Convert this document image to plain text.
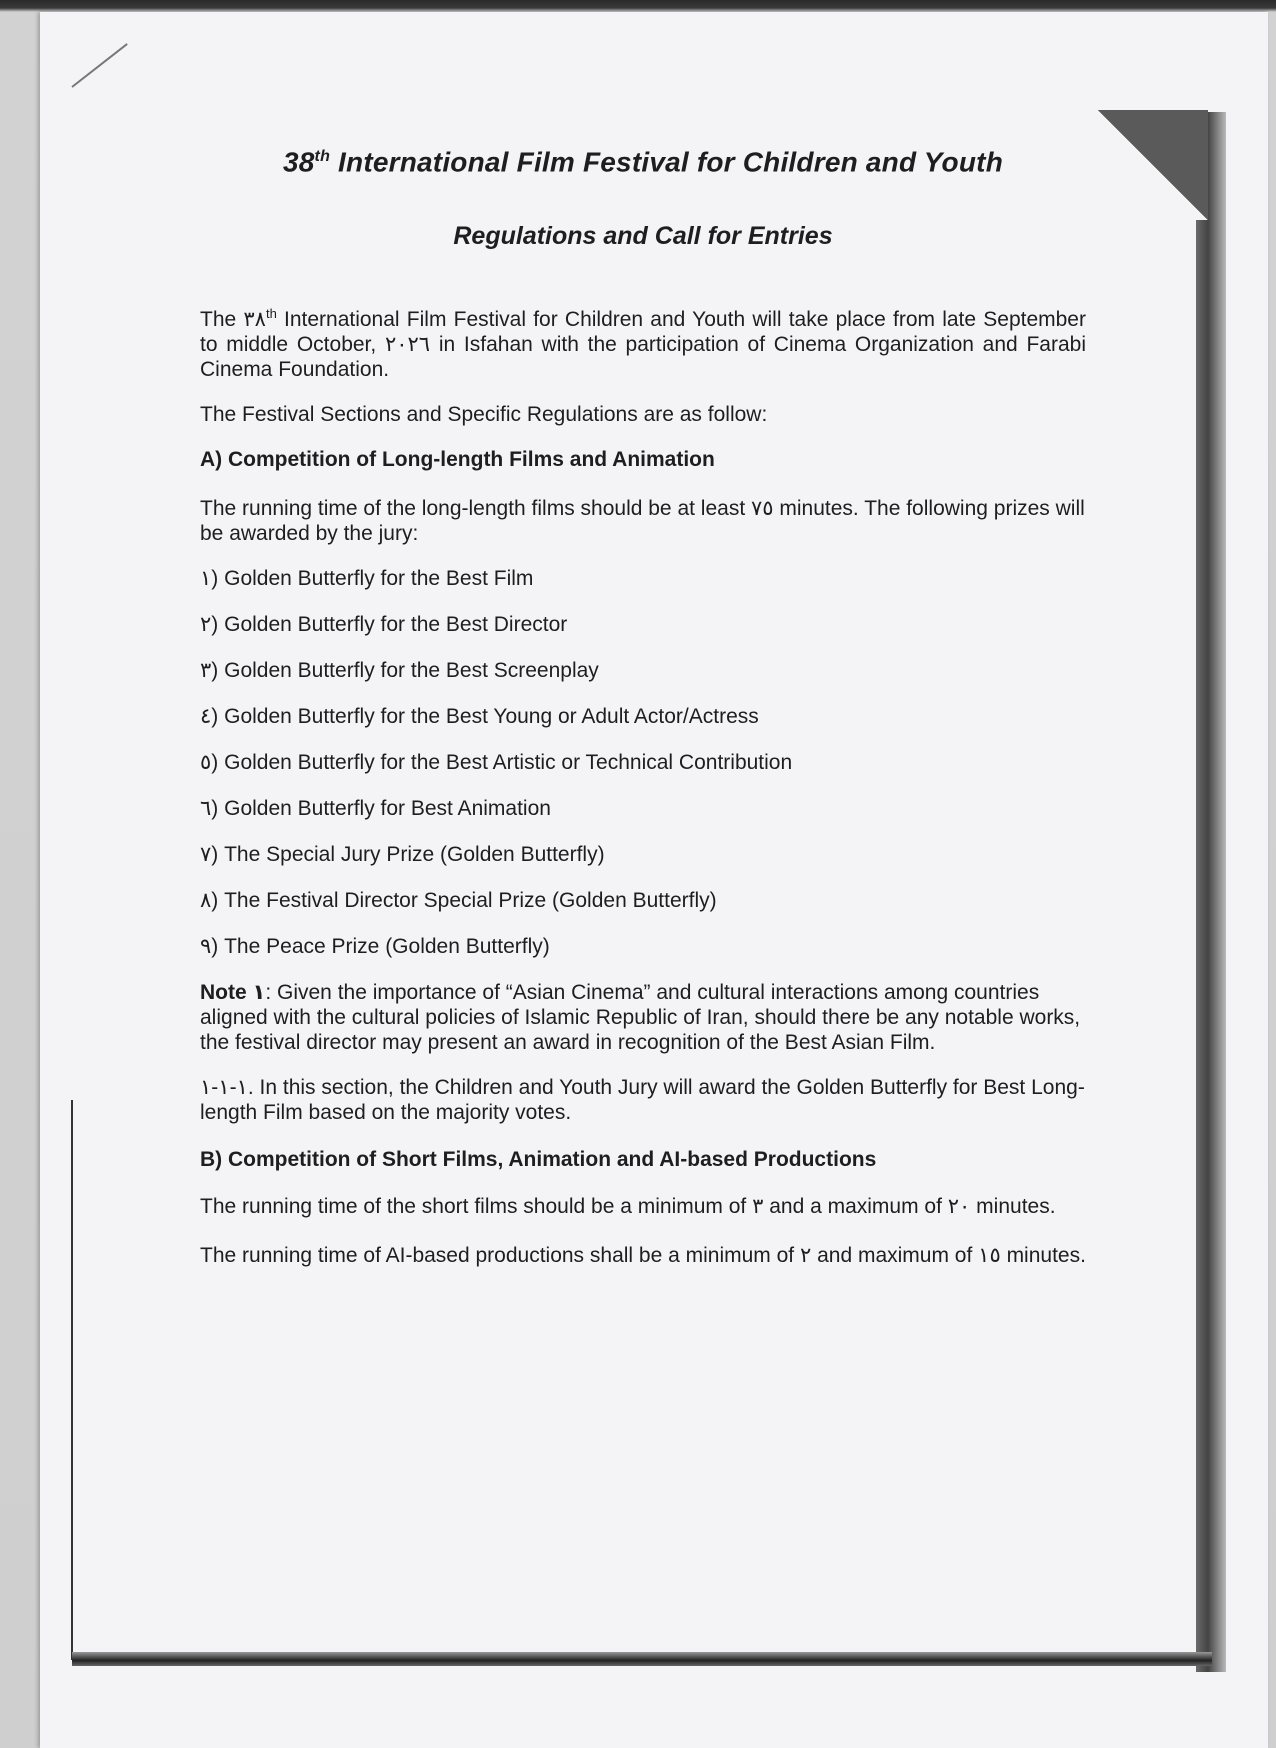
38th International Film Festival for Children and Youth
Regulations and Call for Entries

The ٣٨th International Film Festival for Children and Youth will take place from late September to middle October, ٢٠٢٦ in Isfahan with the participation of Cinema Organization and Farabi Cinema Foundation.

The Festival Sections and Specific Regulations are as follow:

A) Competition of Long-length Films and Animation

The running time of the long-length films should be at least ٧٥ minutes. The following prizes will be awarded by the jury:

١) Golden Butterfly for the Best Film

٢) Golden Butterfly for the Best Director

٣) Golden Butterfly for the Best Screenplay

٤) Golden Butterfly for the Best Young or Adult Actor/Actress

٥) Golden Butterfly for the Best Artistic or Technical Contribution

٦) Golden Butterfly for Best Animation

٧) The Special Jury Prize (Golden Butterfly)

٨) The Festival Director Special Prize (Golden Butterfly)

٩) The Peace Prize (Golden Butterfly)

Note ١: Given the importance of “Asian Cinema” and cultural interactions among countries aligned with the cultural policies of Islamic Republic of Iran, should there be any notable works, the festival director may present an award in recognition of the Best Asian Film.

١-١-١. In this section, the Children and Youth Jury will award the Golden Butterfly for Best Long-length Film based on the majority votes.

B) Competition of Short Films, Animation and AI-based Productions

The running time of the short films should be a minimum of ٣ and a maximum of ٢٠ minutes.

The running time of AI-based productions shall be a minimum of ٢ and maximum of ١٥ minutes.
